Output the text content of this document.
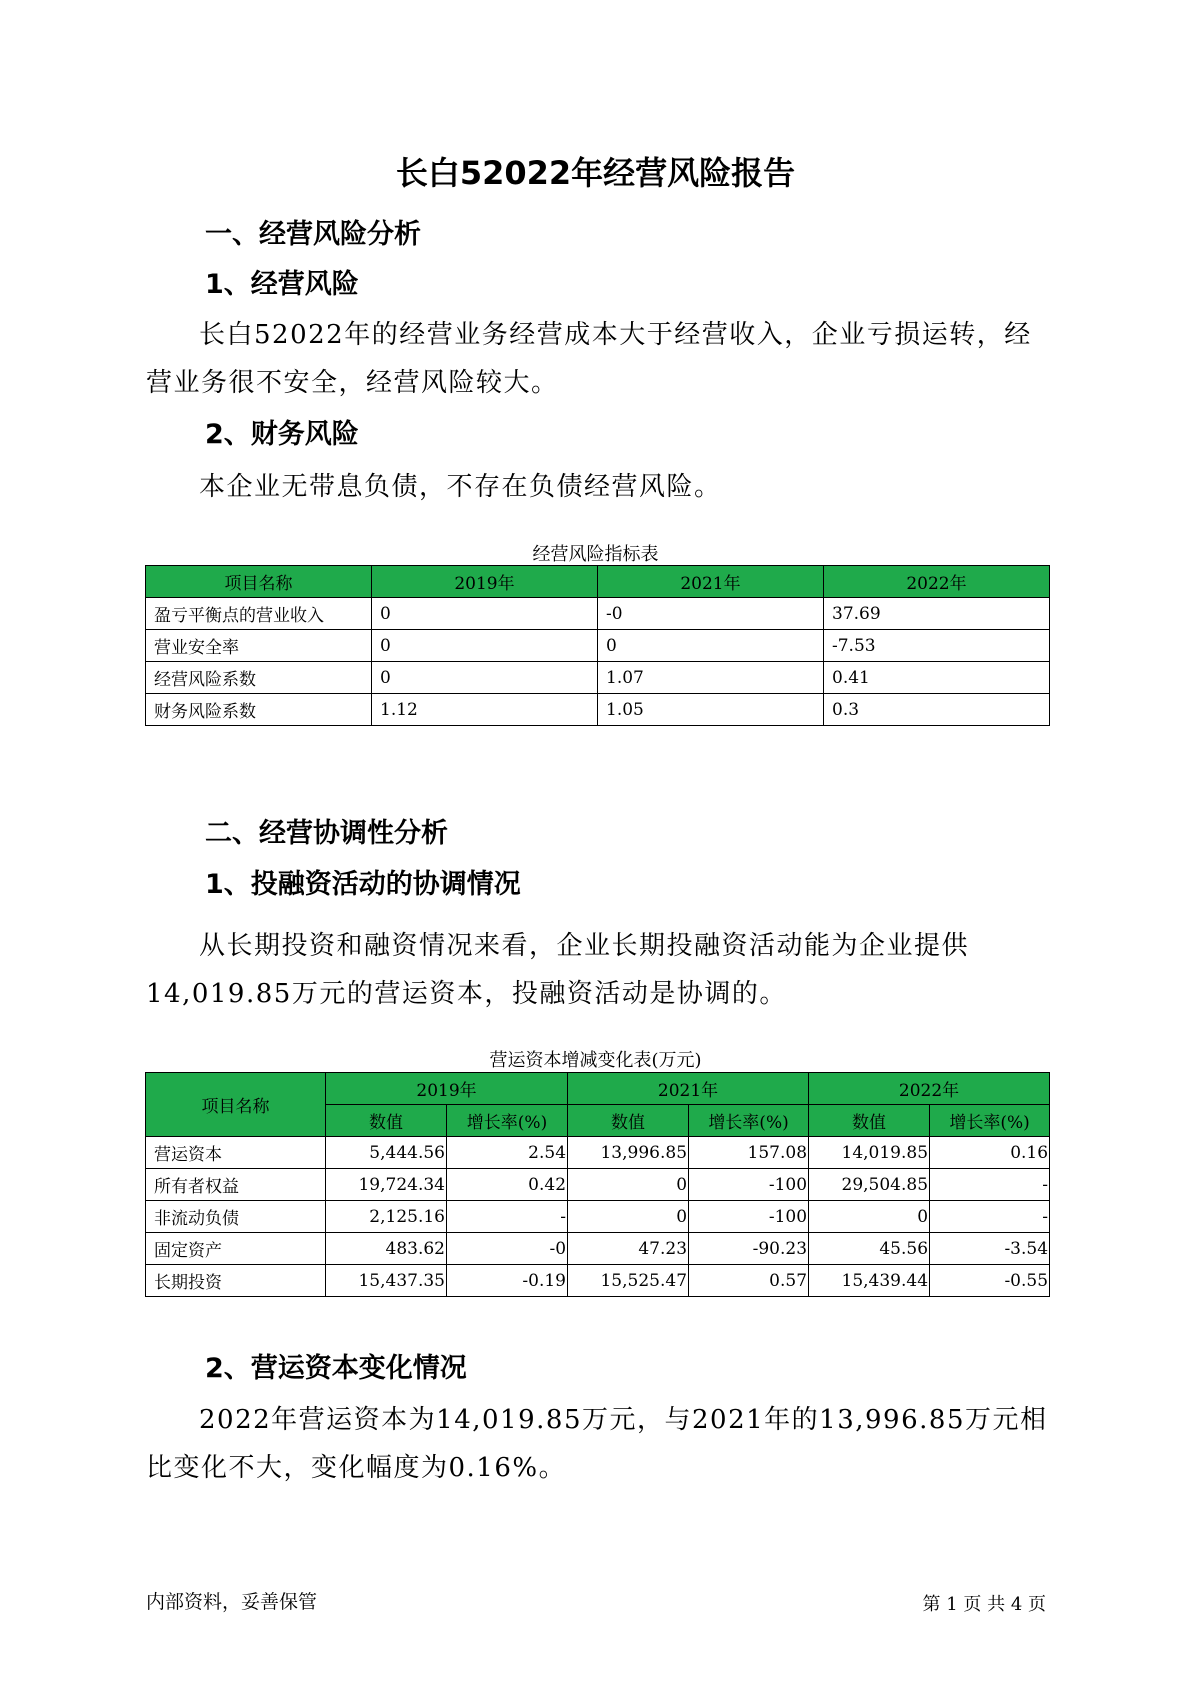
长白52022年经营风险报告
一、经营风险分析
1、经营风险

长白52022年的经营业务经营成本大于经营收入，企业亏损运转，经营业务很不安全，经营风险较大。

2、财务风险

本企业无带息负债，不存在负债经营风险。

经营风险指标表
项目名称	2019年	2021年	2022年
盈亏平衡点的营业收入	0	-0	37.69
营业安全率	0	0	-7.53
经营风险系数	0	1.07	0.41
财务风险系数	1.12	1.05	0.3
二、经营协调性分析
1、投融资活动的协调情况

从长期投资和融资情况来看，企业长期投融资活动能为企业提供14,019.85万元的营运资本，投融资活动是协调的。

营运资本增减变化表(万元)
项目名称	2019年		2021年		2022年	
	数值	增长率(%)	数值	增长率(%)	数值	增长率(%)
营运资本	5,444.56	2.54	13,996.85	157.08	14,019.85	0.16
所有者权益	19,724.34	0.42	0	-100	29,504.85	-
非流动负债	2,125.16	-	0	-100	0	-
固定资产	483.62	-0	47.23	-90.23	45.56	-3.54
长期投资	15,437.35	-0.19	15,525.47	0.57	15,439.44	-0.55
2、营运资本变化情况

2022年营运资本为14,019.85万元，与2021年的13,996.85万元相比变化不大，变化幅度为0.16%。

内部资料，妥善保管	第 1 页 共 4 页
